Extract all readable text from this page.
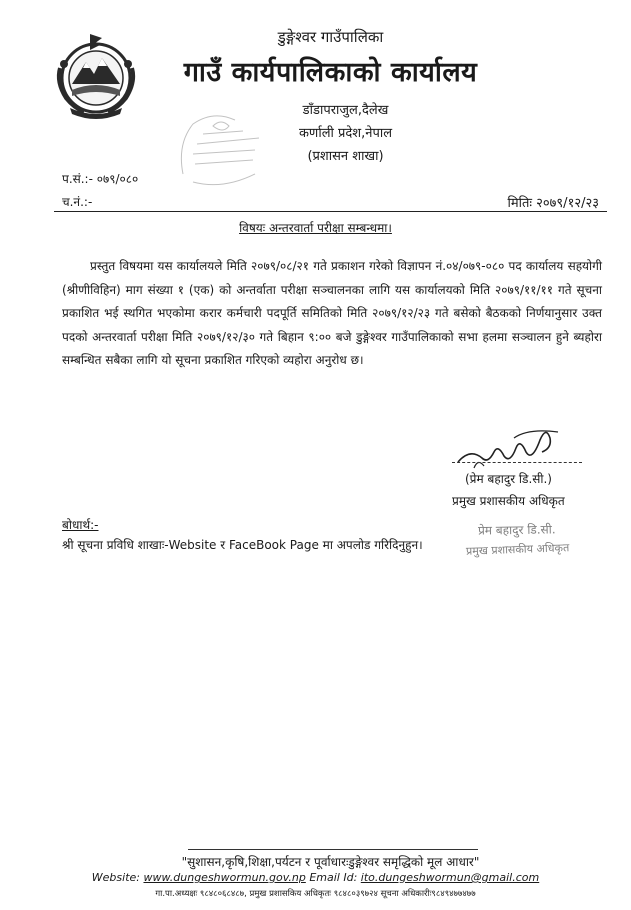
डुङ्गेश्वर गाउँपालिका
गाउँ कार्यपालिकाको कार्यालय
डाँडापराजुल,दैलेख
कर्णाली प्रदेश,नेपाल
(प्रशासन शाखा)
प.सं.:- ०७९/०८०
च.नं.:-	मितिः २०७९/१२/२३
विषयः अन्तरवार्ता परीक्षा सम्बन्धमा।

प्रस्तुत विषयमा यस कार्यालयले मिति २०७९/०८/२१ गते प्रकाशन गरेको विज्ञापन नं.०४/०७९-०८० पद कार्यालय सहयोगी (श्रीणीविहिन) माग संख्या १ (एक) को अन्तर्वाता परीक्षा सञ्चालनका लागि यस कार्यालयको मिति २०७९/११/११ गते सूचना प्रकाशित भई स्थगित भएकोमा करार कर्मचारी पदपूर्ति समितिको मिति २०७९/१२/२३ गते बसेको बैठकको निर्णयानुसार उक्त पदको अन्तरवार्ता परीक्षा मिति २०७९/१२/३० गते बिहान ९:०० बजे डुङ्गेश्वर गाउँपालिकाको सभा हलमा सञ्चालन हुने ब्यहोरा सम्बन्धित सबैका लागि यो सूचना प्रकाशित गरिएको व्यहोरा अनुरोध छ।

(प्रेम बहादुर डि.सी.)
प्रमुख प्रशासकीय अधिकृत
प्रेम बहादुर डि.सी.
प्रमुख प्रशासकीय अधिकृत
बोधार्थ:-
श्री सूचना प्रविधि शाखाः-Website र FaceBook Page मा अपलोड गरिदिनुहुन।
"सुशासन,कृषि,शिक्षा,पर्यटन र पूर्वाधारःडुङ्गेश्वर समृद्धिको मूल आधार"
Website: www.dungeshwormun.gov.np Email Id: ito.dungeshwormun@gmail.com
गा.पा.अध्यक्षः ९८४८०६८४८७, प्रमुख प्रशासकिय अधिकृतः ९८४८०३९७२४ सूचना अधिकारीः९८४९४७७४७७
